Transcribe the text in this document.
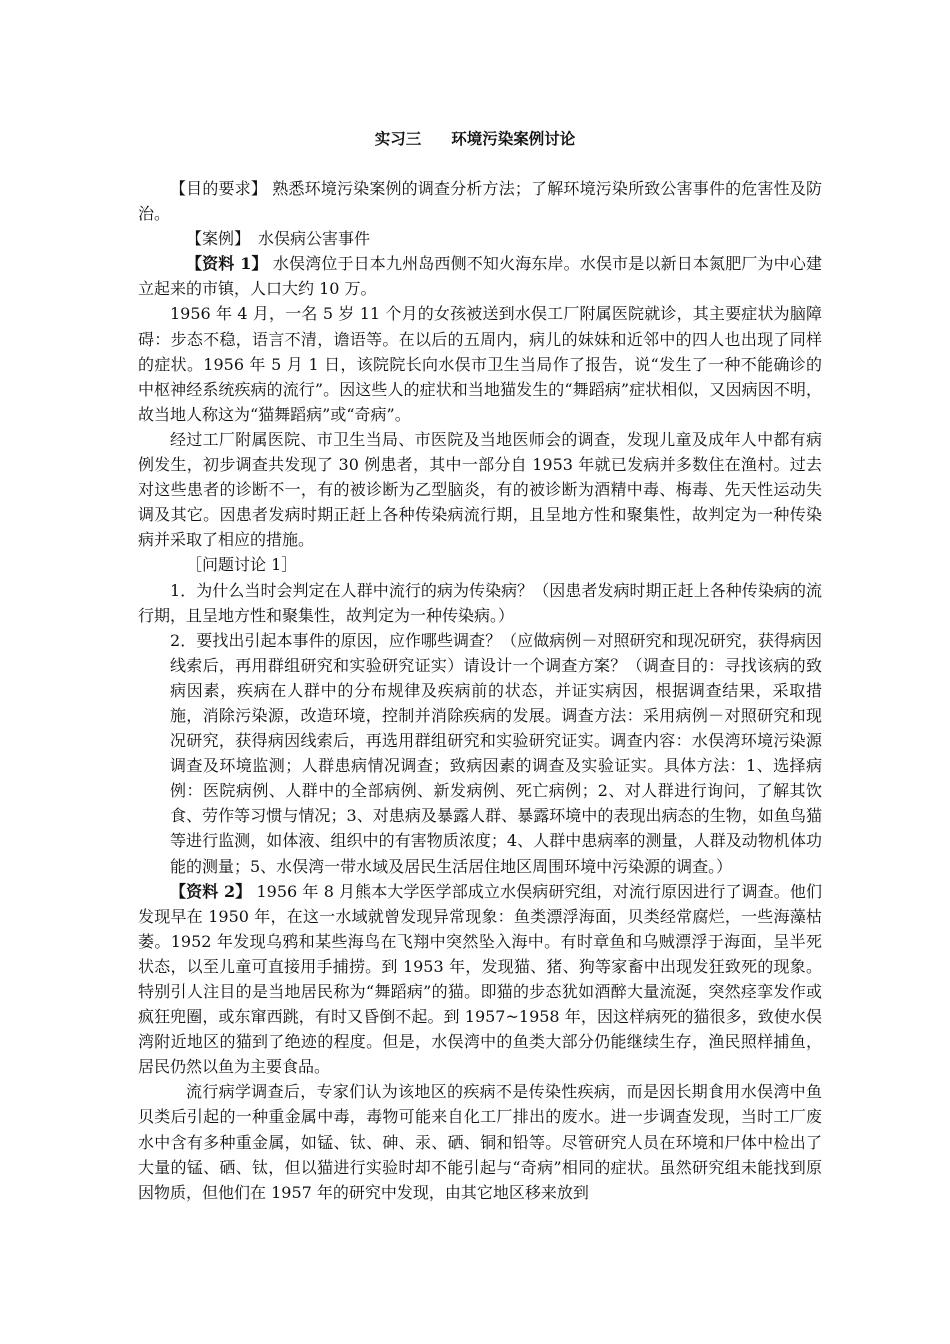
实习三 环境污染案例讨论

【目的要求】 熟悉环境污染案例的调查分析方法；了解环境污染所致公害事件的危害性及防治。

【案例】　 水俣病公害事件

【资料 1】 水俣湾位于日本九州岛西侧不知火海东岸。水俣市是以新日本氮肥厂为中心建立起来的市镇，人口大约 10 万。

1956 年 4 月，一名 5 岁 11 个月的女孩被送到水俣工厂附属医院就诊，其主要症状为脑障碍：步态不稳，语言不清，谵语等。在以后的五周内，病儿的妹妹和近邻中的四人也出现了同样的症状。1956 年 5 月 1 日，该院院长向水俣市卫生当局作了报告，说“发生了一种不能确诊的中枢神经系统疾病的流行”。因这些人的症状和当地猫发生的“舞蹈病”症状相似，又因病因不明，故当地人称这为“猫舞蹈病”或“奇病”。

经过工厂附属医院、市卫生当局、市医院及当地医师会的调查，发现儿童及成年人中都有病例发生，初步调查共发现了 30 例患者，其中一部分自 1953 年就已发病并多数住在渔村。过去对这些患者的诊断不一，有的被诊断为乙型脑炎，有的被诊断为酒精中毒、梅毒、先天性运动失调及其它。因患者发病时期正赶上各种传染病流行期，且呈地方性和聚集性，故判定为一种传染病并采取了相应的措施。

［问题讨论 1］

1．为什么当时会判定在人群中流行的病为传染病？（因患者发病时期正赶上各种传染病的流行期，且呈地方性和聚集性，故判定为一种传染病。）

2．要找出引起本事件的原因，应作哪些调查？（应做病例－对照研究和现况研究，获得病因线索后，再用群组研究和实验研究证实）请设计一个调查方案？（调查目的：寻找该病的致病因素，疾病在人群中的分布规律及疾病前的状态，并证实病因，根据调查结果，采取措施，消除污染源，改造环境，控制并消除疾病的发展。调查方法：采用病例－对照研究和现况研究，获得病因线索后，再选用群组研究和实验研究证实。调查内容：水俣湾环境污染源调查及环境监测；人群患病情况调查；致病因素的调查及实验证实。具体方法：1、选择病例：医院病例、人群中的全部病例、新发病例、死亡病例；2、对人群进行询问，了解其饮食、劳作等习惯与情况；3、对患病及暴露人群、暴露环境中的表现出病态的生物，如鱼鸟猫等进行监测，如体液、组织中的有害物质浓度；4、人群中患病率的测量，人群及动物机体功能的测量；5、水俣湾一带水域及居民生活居住地区周围环境中污染源的调查。）

【资料 2】 1956 年 8 月熊本大学医学部成立水俣病研究组，对流行原因进行了调查。他们发现早在 1950 年，在这一水域就曾发现异常现象：鱼类漂浮海面，贝类经常腐烂，一些海藻枯萎。1952 年发现乌鸦和某些海鸟在飞翔中突然坠入海中。有时章鱼和乌贼漂浮于海面，呈半死状态，以至儿童可直接用手捕捞。到 1953 年，发现猫、猪、狗等家畜中出现发狂致死的现象。特别引人注目的是当地居民称为“舞蹈病”的猫。即猫的步态犹如酒醉大量流涎，突然痉挛发作或疯狂兜圈，或东窜西跳，有时又昏倒不起。到 1957~1958 年，因这样病死的猫很多，致使水俣湾附近地区的猫到了绝迹的程度。但是，水俣湾中的鱼类大部分仍能继续生存，渔民照样捕鱼，居民仍然以鱼为主要食品。

流行病学调查后，专家们认为该地区的疾病不是传染性疾病，而是因长期食用水俣湾中鱼贝类后引起的一种重金属中毒，毒物可能来自化工厂排出的废水。进一步调查发现，当时工厂废水中含有多种重金属，如锰、钛、砷、汞、硒、铜和铅等。尽管研究人员在环境和尸体中检出了大量的锰、硒、钛，但以猫进行实验时却不能引起与“奇病”相同的症状。虽然研究组未能找到原因物质，但他们在 1957 年的研究中发现，由其它地区移来放到
